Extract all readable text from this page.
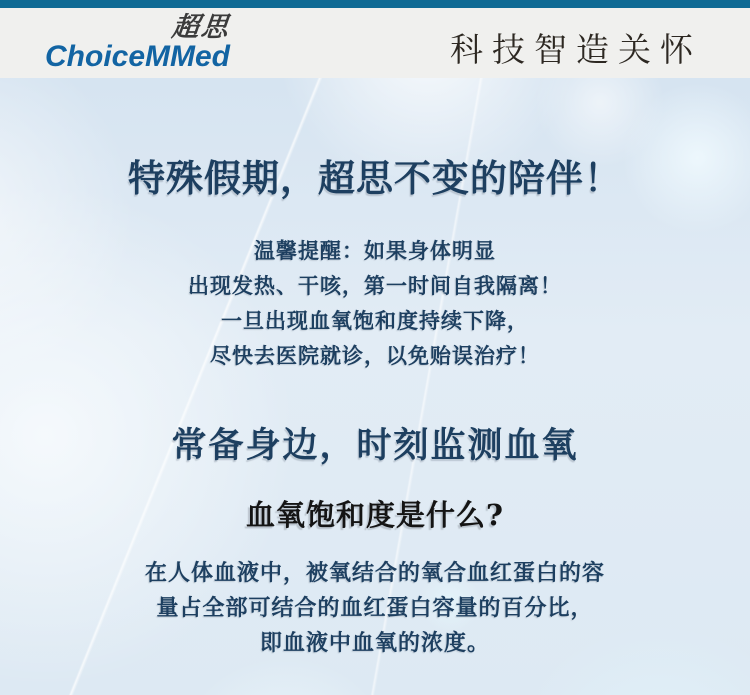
超思
ChoiceMMed	科技智造关怀
特殊假期，超思不变的陪伴！
温馨提醒：如果身体明显
出现发热、干咳，第一时间自我隔离！
一旦出现血氧饱和度持续下降，
尽快去医院就诊，以免贻误治疗！
常备身边，时刻监测血氧
血氧饱和度是什么?
在人体血液中，被氧结合的氧合血红蛋白的容
量占全部可结合的血红蛋白容量的百分比，
即血液中血氧的浓度。
